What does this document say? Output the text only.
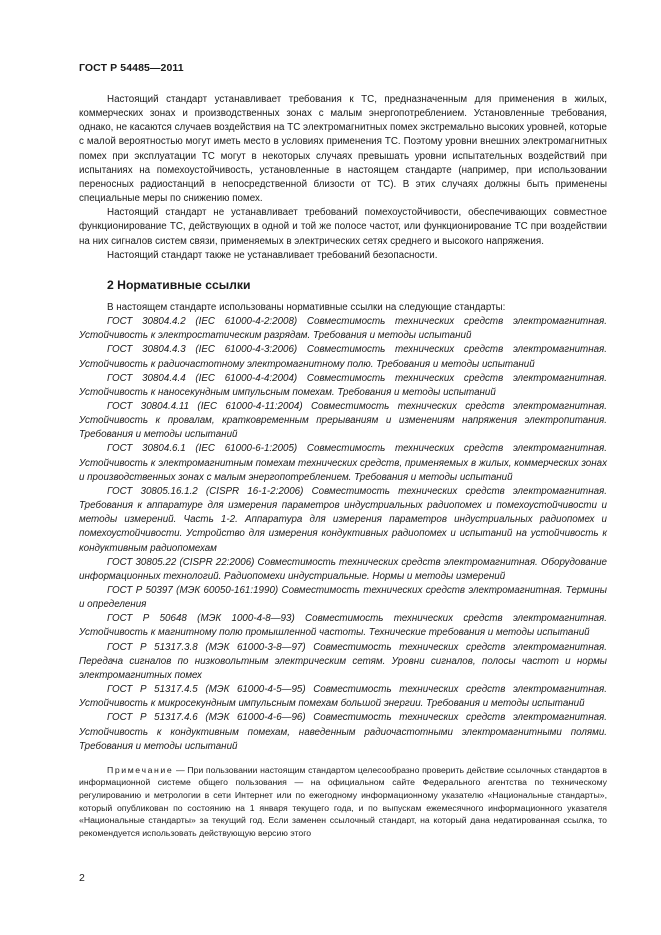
ГОСТ Р 54485—2011

Настоящий стандарт устанавливает требования к ТС, предназначенным для применения в жилых, коммерческих зонах и производственных зонах с малым энергопотреблением. Установленные требования, однако, не касаются случаев воздействия на ТС электромагнитных помех экстремально высоких уровней, которые с малой вероятностью могут иметь место в условиях применения ТС. Поэтому уровни внешних электромагнитных помех при эксплуатации ТС могут в некоторых случаях превышать уровни испытательных воздействий при испытаниях на помехоустойчивость, установленные в настоящем стандарте (например, при использовании переносных радиостанций в непосредственной близости от ТС). В этих случаях должны быть применены специальные меры по снижению помех.

Настоящий стандарт не устанавливает требований помехоустойчивости, обеспечивающих совместное функционирование ТС, действующих в одной и той же полосе частот, или функционирование ТС при воздействии на них сигналов систем связи, применяемых в электрических сетях среднего и высокого напряжения.

Настоящий стандарт также не устанавливает требований безопасности.

2 Нормативные ссылки

В настоящем стандарте использованы нормативные ссылки на следующие стандарты:

ГОСТ 30804.4.2 (IEC 61000-4-2:2008) Совместимость технических средств электромагнитная. Устойчивость к электростатическим разрядам. Требования и методы испытаний

ГОСТ 30804.4.3 (IEC 61000-4-3:2006) Совместимость технических средств электромагнитная. Устойчивость к радиочастотному электромагнитному полю. Требования и методы испытаний

ГОСТ 30804.4.4 (IEC 61000-4-4:2004) Совместимость технических средств электромагнитная. Устойчивость к наносекундным импульсным помехам. Требования и методы испытаний

ГОСТ 30804.4.11 (IEC 61000-4-11:2004) Совместимость технических средств электромагнитная. Устойчивость к провалам, кратковременным прерываниям и изменениям напряжения электропитания. Требования и методы испытаний

ГОСТ 30804.6.1 (IEC 61000-6-1:2005) Совместимость технических средств электромагнитная. Устойчивость к электромагнитным помехам технических средств, применяемых в жилых, коммерческих зонах и производственных зонах с малым энергопотреблением. Требования и методы испытаний

ГОСТ 30805.16.1.2 (CISPR 16-1-2:2006) Совместимость технических средств электромагнитная. Требования к аппаратуре для измерения параметров индустриальных радиопомех и помехоустойчивости и методы измерений. Часть 1-2. Аппаратура для измерения параметров индустриальных радиопомех и помехоустойчивости. Устройство для измерения кондуктивных радиопомех и испытаний на устойчивость к кондуктивным радиопомехам

ГОСТ 30805.22 (CISPR 22:2006) Совместимость технических средств электромагнитная. Оборудование информационных технологий. Радиопомехи индустриальные. Нормы и методы измерений

ГОСТ Р 50397 (МЭК 60050-161:1990) Совместимость технических средств электромагнитная. Термины и определения

ГОСТ Р 50648 (МЭК 1000-4-8—93) Совместимость технических средств электромагнитная. Устойчивость к магнитному полю промышленной частоты. Технические требования и методы испытаний

ГОСТ Р 51317.3.8 (МЭК 61000-3-8—97) Совместимость технических средств электромагнитная. Передача сигналов по низковольтным электрическим сетям. Уровни сигналов, полосы частот и нормы электромагнитных помех

ГОСТ Р 51317.4.5 (МЭК 61000-4-5—95) Совместимость технических средств электромагнитная. Устойчивость к микросекундным импульсным помехам большой энергии. Требования и методы испытаний

ГОСТ Р 51317.4.6 (МЭК 61000-4-6—96) Совместимость технических средств электромагнитная. Устойчивость к кондуктивным помехам, наведенным радиочастотными электромагнитными полями. Требования и методы испытаний

Примечание — При пользовании настоящим стандартом целесообразно проверить действие ссылочных стандартов в информационной системе общего пользования — на официальном сайте Федерального агентства по техническому регулированию и метрологии в сети Интернет или по ежегодному информационному указателю «Национальные стандарты», который опубликован по состоянию на 1 января текущего года, и по выпускам ежемесячного информационного указателя «Национальные стандарты» за текущий год. Если заменен ссылочный стандарт, на который дана недатированная ссылка, то рекомендуется использовать действующую версию этого

2
